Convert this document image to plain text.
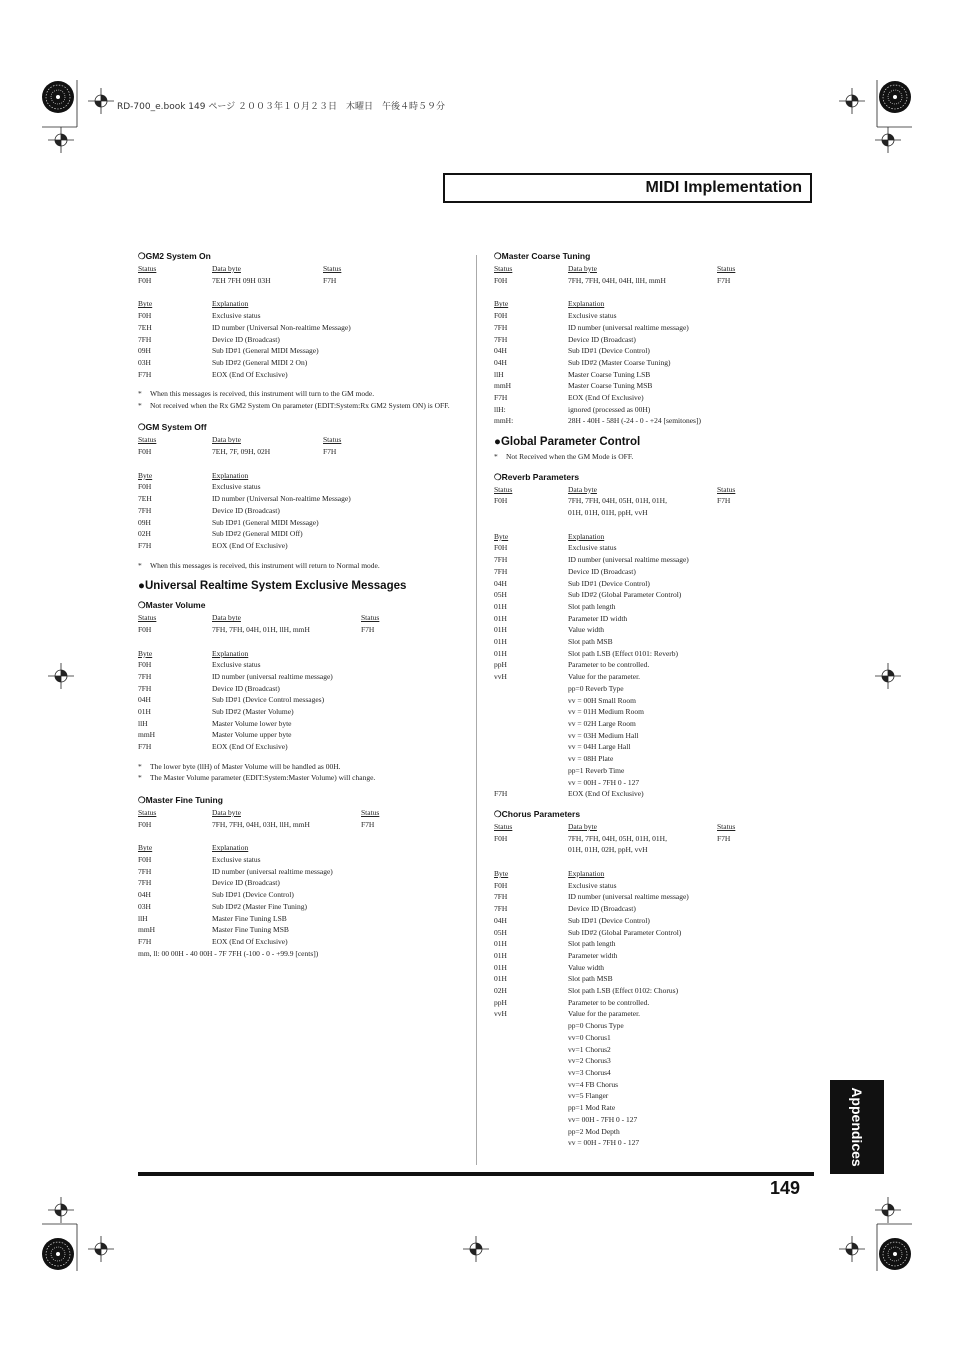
RD-700_e.book 149 ページ ２００３年１０月２３日　木曜日　午後４時５９分
MIDI Implementation
❍GM2 System On
Status	Data byte	Status
F0H	7EH 7FH 09H 03H	F7H
Byte	Explanation
F0H	Exclusive status
7EH	ID number (Universal Non-realtime Message)
7FH	Device ID (Broadcast)
09H	Sub ID#1 (General MIDI Message)
03H	Sub ID#2 (General MIDI 2 On)
F7H	EOX (End Of Exclusive)
*	When this messages is received, this instrument will turn to the GM mode.
*	Not received when the Rx GM2 System On parameter (EDIT:System:Rx GM2 System ON) is OFF.
❍GM System Off
Status	Data byte	Status
F0H	7EH, 7F, 09H, 02H	F7H
Byte	Explanation
F0H	Exclusive status
7EH	ID number (Universal Non-realtime Message)
7FH	Device ID (Broadcast)
09H	Sub ID#1 (General MIDI Message)
02H	Sub ID#2 (General MIDI Off)
F7H	EOX (End Of Exclusive)
*	When this messages is received, this instrument will return to Normal mode.
●Universal Realtime System Exclusive Messages
❍Master Volume
Status	Data byte	Status
F0H	7FH, 7FH, 04H, 01H, llH, mmH	F7H
Byte	Explanation
F0H	Exclusive status
7FH	ID number (universal realtime message)
7FH	Device ID (Broadcast)
04H	Sub ID#1 (Device Control messages)
01H	Sub ID#2 (Master Volume)
llH	Master Volume lower byte
mmH	Master Volume upper byte
F7H	EOX (End Of Exclusive)
*	The lower byte (llH) of Master Volume will be handled as 00H.
*	The Master Volume parameter (EDIT:System:Master Volume) will change.
❍Master Fine Tuning
Status	Data byte	Status
F0H	7FH, 7FH, 04H, 03H, llH, mmH	F7H
Byte	Explanation
F0H	Exclusive status
7FH	ID number (universal realtime message)
7FH	Device ID (Broadcast)
04H	Sub ID#1 (Device Control)
03H	Sub ID#2 (Master Fine Tuning)
llH	Master Fine Tuning LSB
mmH	Master Fine Tuning MSB
F7H	EOX (End Of Exclusive)
mm, ll: 00 00H - 40 00H - 7F 7FH (-100 - 0 - +99.9 [cents])
❍Master Coarse Tuning
Status	Data byte	Status
F0H	7FH, 7FH, 04H, 04H, llH, mmH	F7H
Byte	Explanation
F0H	Exclusive status
7FH	ID number (universal realtime message)
7FH	Device ID (Broadcast)
04H	Sub ID#1 (Device Control)
04H	Sub ID#2 (Master Coarse Tuning)
llH	Master Coarse Tuning LSB
mmH	Master Coarse Tuning MSB
F7H	EOX (End Of Exclusive)
llH:	ignored (processed as 00H)
mmH:	28H - 40H - 58H (-24 - 0 - +24 [semitones])
●Global Parameter Control
*	Not Received when the GM Mode is OFF.
❍Reverb Parameters
Status	Data byte	Status
F0H	7FH, 7FH, 04H, 05H, 01H, 01H,	F7H
	01H, 01H, 01H, ppH, vvH	
Byte	Explanation
F0H	Exclusive status
7FH	ID number (universal realtime message)
7FH	Device ID (Broadcast)
04H	Sub ID#1 (Device Control)
05H	Sub ID#2 (Global Parameter Control)
01H	Slot path length
01H	Parameter ID width
01H	Value width
01H	Slot path MSB
01H	Slot path LSB (Effect 0101: Reverb)
ppH	Parameter to be controlled.
vvH	Value for the parameter.
	pp=0 Reverb Type
	vv = 00H Small Room
	vv = 01H Medium Room
	vv = 02H Large Room
	vv = 03H Medium Hall
	vv = 04H Large Hall
	vv = 08H Plate
	pp=1 Reverb Time
	vv = 00H - 7FH 0 - 127
F7H	EOX (End Of Exclusive)
❍Chorus Parameters
Status	Data byte	Status
F0H	7FH, 7FH, 04H, 05H, 01H, 01H,	F7H
	01H, 01H, 02H, ppH, vvH	
Byte	Explanation
F0H	Exclusive status
7FH	ID number (universal realtime message)
7FH	Device ID (Broadcast)
04H	Sub ID#1 (Device Control)
05H	Sub ID#2 (Global Parameter Control)
01H	Slot path length
01H	Parameter width
01H	Value width
01H	Slot path MSB
02H	Slot path LSB (Effect 0102: Chorus)
ppH	Parameter to be controlled.
vvH	Value for the parameter.
	pp=0 Chorus Type
	vv=0 Chorus1
	vv=1 Chorus2
	vv=2 Chorus3
	vv=3 Chorus4
	vv=4 FB Chorus
	vv=5 Flanger
	pp=1 Mod Rate
	vv= 00H - 7FH 0 - 127
	pp=2 Mod Depth
	vv = 00H - 7FH 0 - 127	Appendices
149
